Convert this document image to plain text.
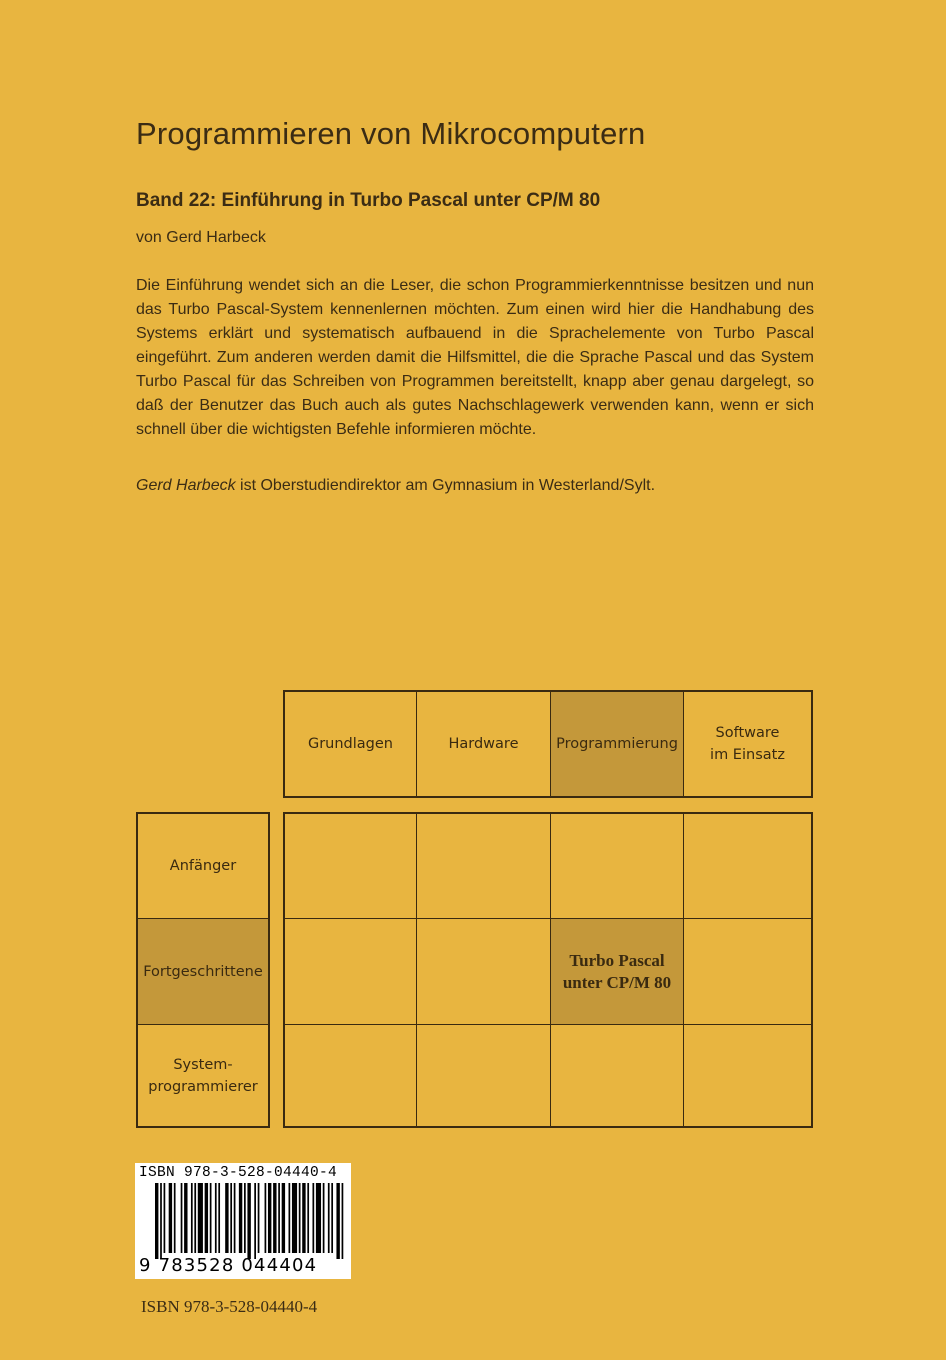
Programmieren von Mikrocomputern
Band 22: Einführung in Turbo Pascal unter CP/M 80
von Gerd Harbeck

Die Einführung wendet sich an die Leser, die schon Programmierkenntnisse besitzen und nun das Turbo Pascal-System kennenlernen möchten. Zum einen wird hier die Handhabung des Systems erklärt und systematisch aufbauend in die Sprachelemente von Turbo Pascal eingeführt. Zum anderen werden damit die Hilfsmittel, die die Sprache Pascal und das System Turbo Pascal für das Schreiben von Programmen bereitstellt, knapp aber genau dargelegt, so daß der Benutzer das Buch auch als gutes Nachschlagewerk verwenden kann, wenn er sich schnell über die wichtigsten Befehle informieren möchte.

Gerd Harbeck ist Oberstudiendirektor am Gymnasium in Westerland/Sylt.
Grundlagen	Hardware	Programmierung
Software
im Einsatz
Anfänger
Fortgeschrittene
System-
programmierer
Turbo Pascal
unter CP/M 80
ISBN 978-3-528-04440-4
9 783528 044404
ISBN 978-3-528-04440-4
